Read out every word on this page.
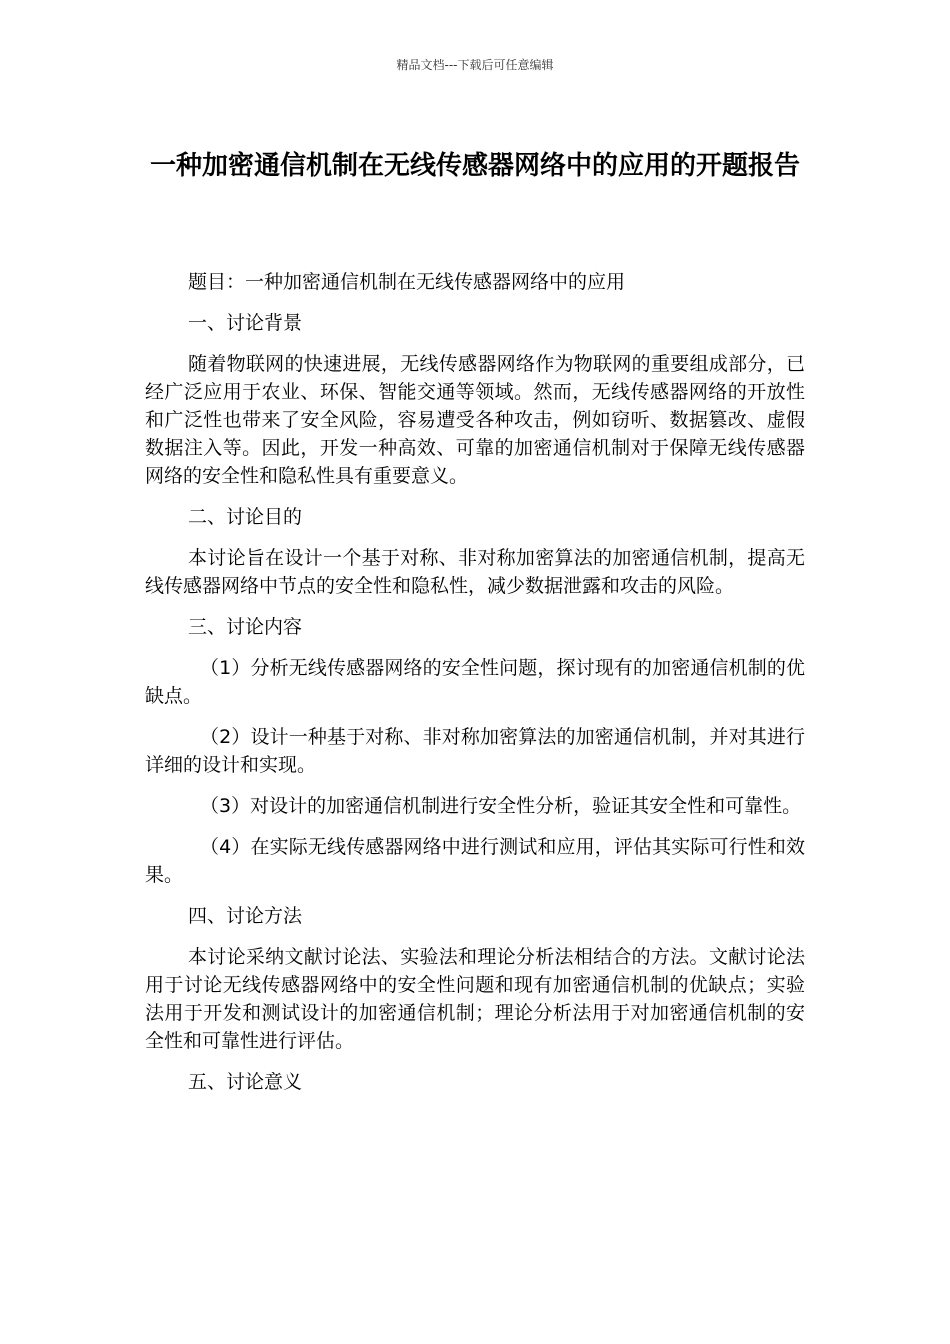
精品文档---下载后可任意编辑
一种加密通信机制在无线传感器网络中的应用的开题报告

题目：一种加密通信机制在无线传感器网络中的应用

一、讨论背景

随着物联网的快速进展，无线传感器网络作为物联网的重要组成部分，已经广泛应用于农业、环保、智能交通等领域。然而，无线传感器网络的开放性和广泛性也带来了安全风险，容易遭受各种攻击，例如窃听、数据篡改、虚假数据注入等。因此，开发一种高效、可靠的加密通信机制对于保障无线传感器网络的安全性和隐私性具有重要意义。

二、讨论目的

本讨论旨在设计一个基于对称、非对称加密算法的加密通信机制，提高无线传感器网络中节点的安全性和隐私性，减少数据泄露和攻击的风险。

三、讨论内容

（1）分析无线传感器网络的安全性问题，探讨现有的加密通信机制的优缺点。

（2）设计一种基于对称、非对称加密算法的加密通信机制，并对其进行详细的设计和实现。

（3）对设计的加密通信机制进行安全性分析，验证其安全性和可靠性。

（4）在实际无线传感器网络中进行测试和应用，评估其实际可行性和效果。

四、讨论方法

本讨论采纳文献讨论法、实验法和理论分析法相结合的方法。文献讨论法用于讨论无线传感器网络中的安全性问题和现有加密通信机制的优缺点；实验法用于开发和测试设计的加密通信机制；理论分析法用于对加密通信机制的安全性和可靠性进行评估。

五、讨论意义
